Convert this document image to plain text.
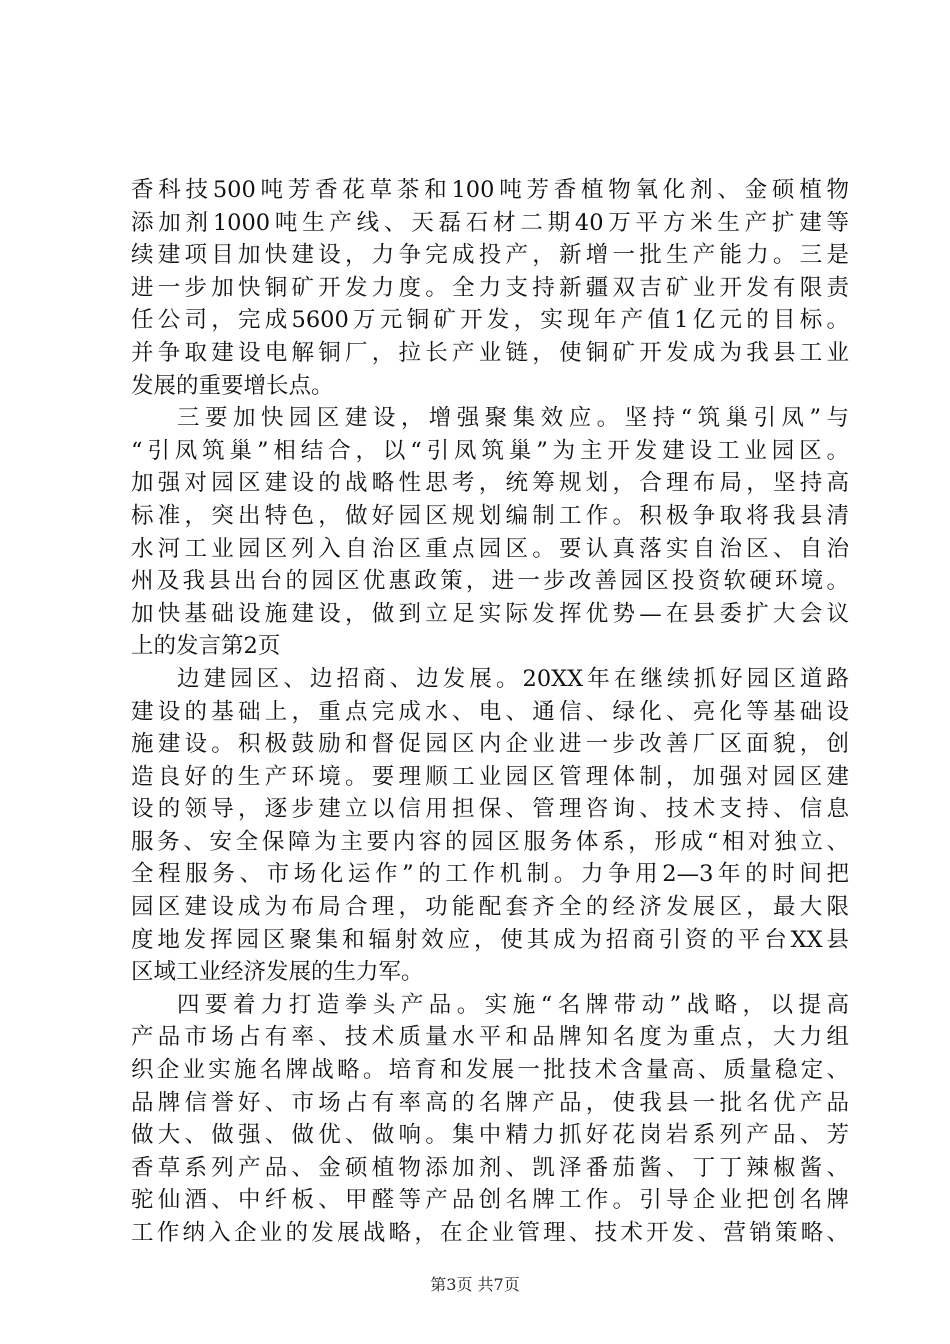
香科技500吨芳香花草茶和100吨芳香植物氧化剂、金硕植物
添加剂1000吨生产线、天磊石材二期40万平方米生产扩建等
续建项目加快建设，力争完成投产，新增一批生产能力。三是
进一步加快铜矿开发力度。全力支持新疆双吉矿业开发有限责
任公司，完成5600万元铜矿开发，实现年产值1亿元的目标。
并争取建设电解铜厂，拉长产业链，使铜矿开发成为我县工业
发展的重要增长点。
三要加快园区建设，增强聚集效应。坚持“筑巢引凤”与
“引凤筑巢”相结合，以“引凤筑巢”为主开发建设工业园区。
加强对园区建设的战略性思考，统筹规划，合理布局，坚持高
标准，突出特色，做好园区规划编制工作。积极争取将我县清
水河工业园区列入自治区重点园区。要认真落实自治区、自治
州及我县出台的园区优惠政策，进一步改善园区投资软硬环境。
加快基础设施建设，做到立足实际发挥优势—在县委扩大会议
上的发言第2页
边建园区、边招商、边发展。20XX年在继续抓好园区道路
建设的基础上，重点完成水、电、通信、绿化、亮化等基础设
施建设。积极鼓励和督促园区内企业进一步改善厂区面貌，创
造良好的生产环境。要理顺工业园区管理体制，加强对园区建
设的领导，逐步建立以信用担保、管理咨询、技术支持、信息
服务、安全保障为主要内容的园区服务体系，形成“相对独立、
全程服务、市场化运作”的工作机制。力争用2—3年的时间把
园区建设成为布局合理，功能配套齐全的经济发展区，最大限
度地发挥园区聚集和辐射效应，使其成为招商引资的平台XX县
区域工业经济发展的生力军。
四要着力打造拳头产品。实施“名牌带动”战略，以提高
产品市场占有率、技术质量水平和品牌知名度为重点，大力组
织企业实施名牌战略。培育和发展一批技术含量高、质量稳定、
品牌信誉好、市场占有率高的名牌产品，使我县一批名优产品
做大、做强、做优、做响。集中精力抓好花岗岩系列产品、芳
香草系列产品、金硕植物添加剂、凯泽番茄酱、丁丁辣椒酱、
驼仙酒、中纤板、甲醛等产品创名牌工作。引导企业把创名牌
工作纳入企业的发展战略，在企业管理、技术开发、营销策略、
第3页 共7页
